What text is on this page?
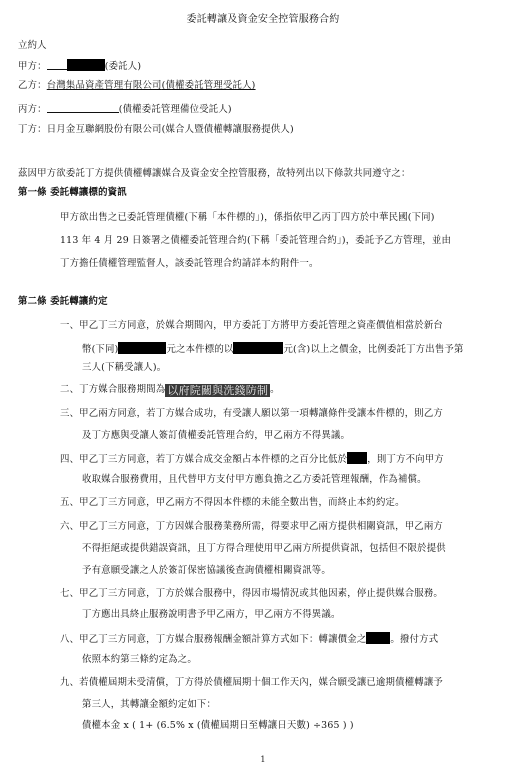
委託轉讓及資金安全控管服務合約
立約人
甲方：	(委託人)
乙方：台灣集品資產管理有限公司(債權委託管理受託人)
丙方：	(債權委託管理備位受託人)
丁方：日月金互聯網股份有限公司(媒合人暨債權轉讓服務提供人)
茲因甲方欲委託丁方提供債權轉讓媒合及資金安全控管服務，故特列出以下條款共同遵守之：
第一條 委託轉讓標的資訊
甲方欲出售之已委託管理債權(下稱「本件標的」)，係指依甲乙丙丁四方於中華民國(下同)
113 年 4 月 29 日簽署之債權委託管理合約(下稱「委託管理合約」)，委託予乙方管理，並由
丁方擔任債權管理監督人，該委託管理合約請詳本約附件一。
第二條 委託轉讓約定
一、甲乙丁三方同意，於媒合期間內，甲方委託丁方將甲方委託管理之資產價值相當於新台
幣(下同)	元之本件標的以	元(含)以上之價金，比例委託丁方出售予第
三人(下稱受讓人)。
二、丁方媒合服務期間為 以府院關與洗錢防制 。
三、甲乙兩方同意，若丁方媒合成功，有受讓人願以第一項轉讓條件受讓本件標的，則乙方
及丁方應與受讓人簽訂債權委託管理合約，甲乙兩方不得異議。
四、甲乙丁三方同意，若丁方媒合成交金額占本件標的之百分比低於 ，則丁方不向甲方
收取媒合服務費用，且代替甲方支付甲方應負擔之乙方委託管理報酬，作為補償。
五、甲乙丁三方同意，甲乙兩方不得因本件標的未能全數出售，而終止本約約定。
六、甲乙丁三方同意，丁方因媒合服務業務所需，得要求甲乙兩方提供相關資訊，甲乙兩方
不得拒絕或提供錯誤資訊，且丁方得合理使用甲乙兩方所提供資訊，包括但不限於提供
予有意願受讓之人於簽訂保密協議後查詢債權相關資訊等。
七、甲乙丁三方同意，丁方於媒合服務中，得因市場情況或其他因素，停止提供媒合服務。
丁方應出具終止服務說明書予甲乙兩方，甲乙兩方不得異議。
八、甲乙丁三方同意，丁方媒合服務報酬金額計算方式如下：轉讓價金之	。撥付方式
依照本約第三條約定為之。
九、若債權屆期未受清償，丁方得於債權屆期十個工作天內，媒合願受讓已逾期債權轉讓予
第三人，其轉讓金額約定如下：
債權本金 x ( 1+ (6.5% x (債權屆期日至轉讓日天數) ÷365 ) )
1
